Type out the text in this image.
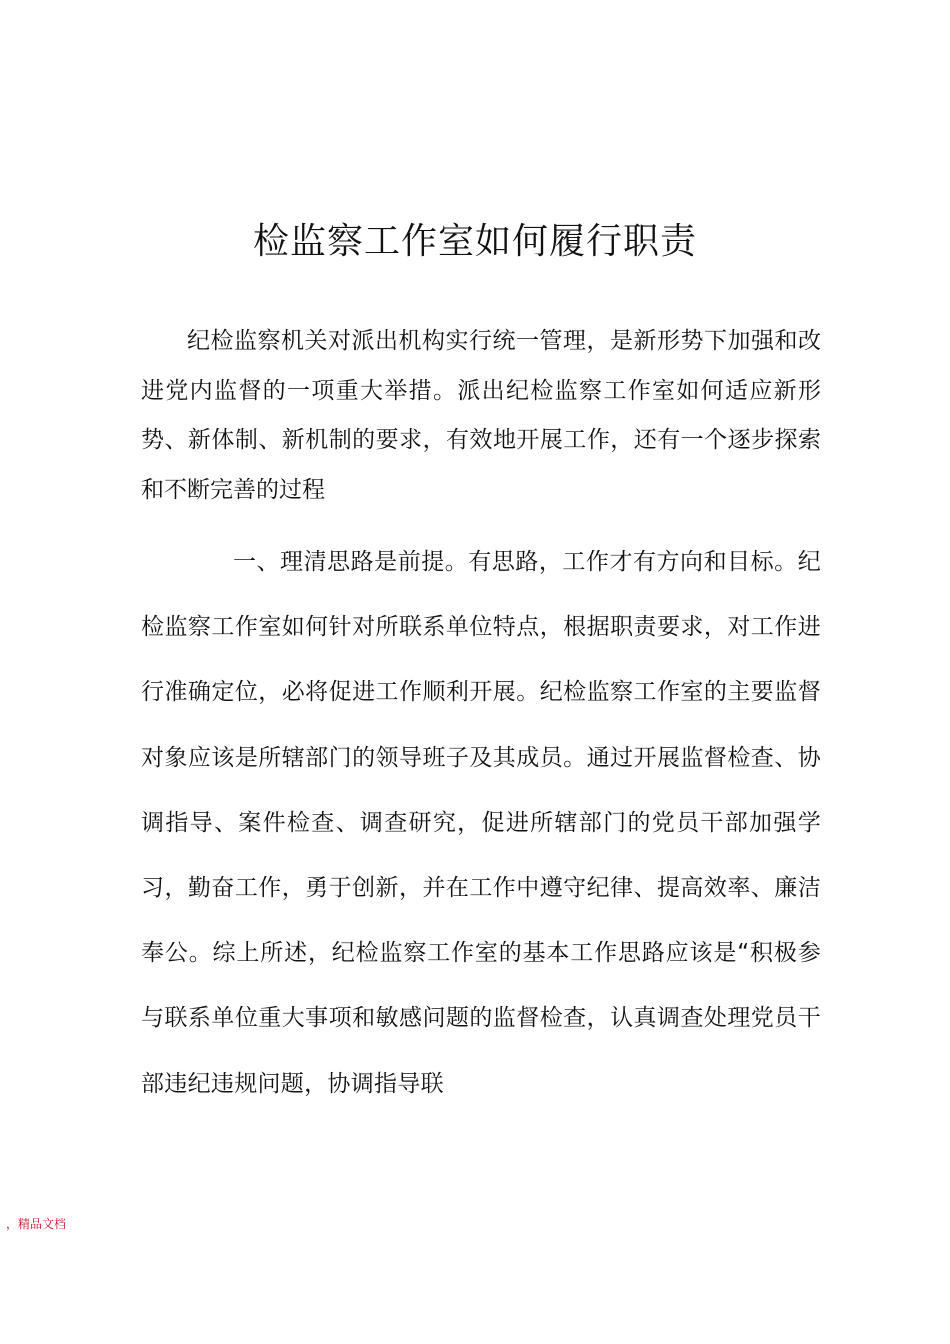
检监察工作室如何履行职责

纪检监察机关对派出机构实行统一管理，是新形势下加强和改进党内监督的一项重大举措。派出纪检监察工作室如何适应新形势、新体制、新机制的要求，有效地开展工作，还有一个逐步探索和不断完善的过程

一、理清思路是前提。有思路，工作才有方向和目标。纪检监察工作室如何针对所联系单位特点，根据职责要求，对工作进行准确定位，必将促进工作顺利开展。纪检监察工作室的主要监督对象应该是所辖部门的领导班子及其成员。通过开展监督检查、协调指导、案件检查、调查研究，促进所辖部门的党员干部加强学习，勤奋工作，勇于创新，并在工作中遵守纪律、提高效率、廉洁奉公。综上所述，纪检监察工作室的基本工作思路应该是“积极参与联系单位重大事项和敏感问题的监督检查，认真调查处理党员干部违纪违规问题，协调指导联

，精品文档
